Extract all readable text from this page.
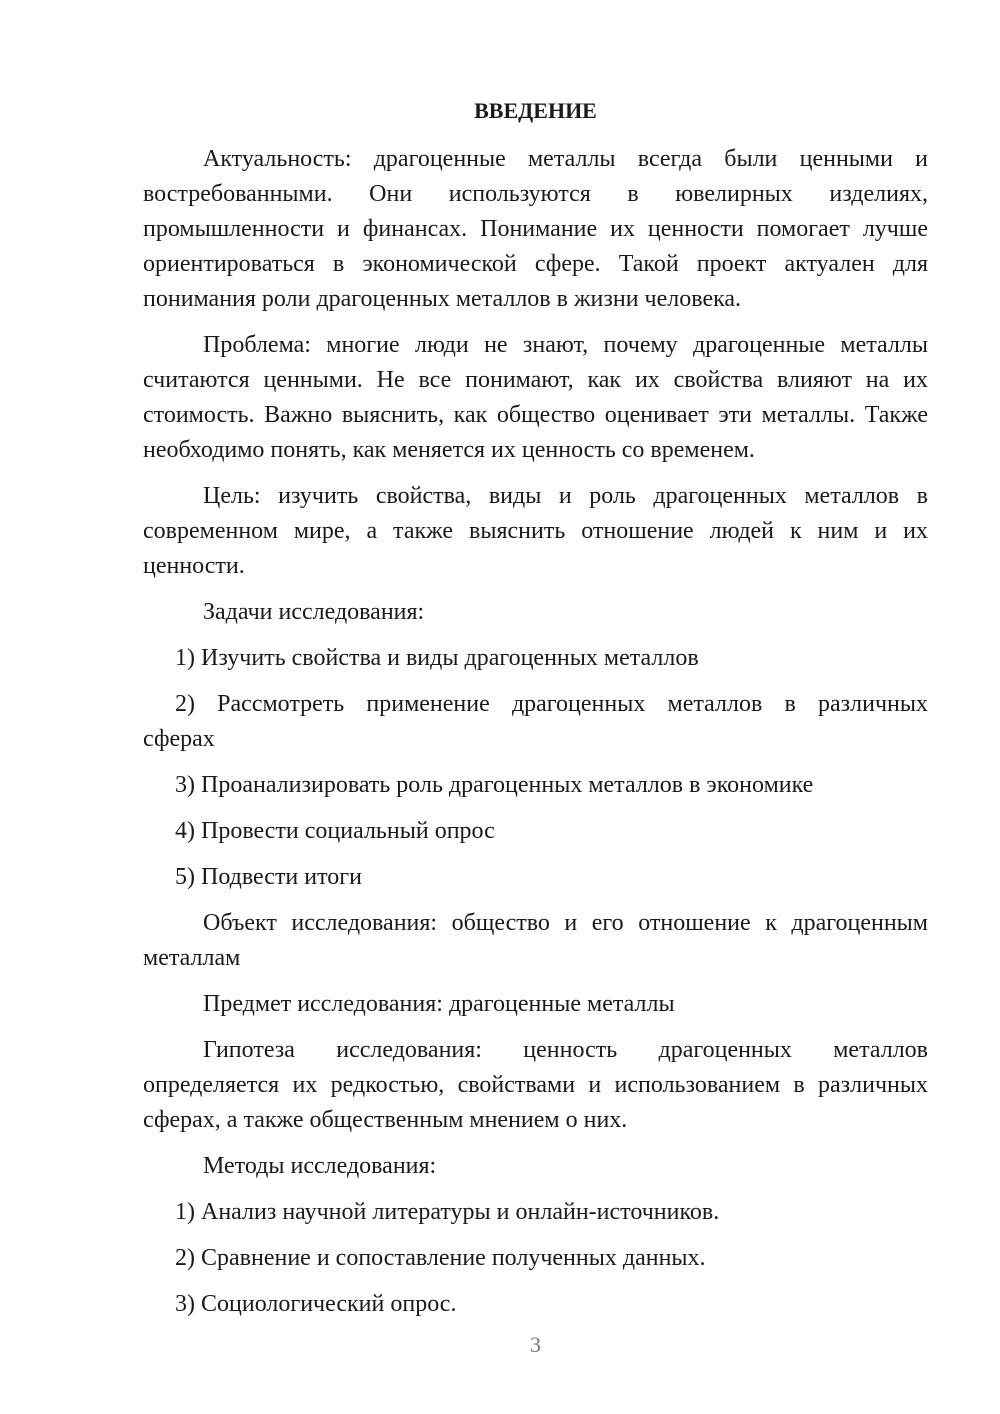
ВВЕДЕНИЕ

Актуальность: драгоценные металлы всегда были ценными и
востребованными. Они используются в ювелирных изделиях,
промышленности и финансах. Понимание их ценности помогает лучше
ориентироваться в экономической сфере. Такой проект актуален для
понимания роли драгоценных металлов в жизни человека.

Проблема: многие люди не знают, почему драгоценные металлы
считаются ценными. Не все понимают, как их свойства влияют на их
стоимость. Важно выяснить, как общество оценивает эти металлы. Также
необходимо понять, как меняется их ценность со временем.

Цель: изучить свойства, виды и роль драгоценных металлов в
современном мире, а также выяснить отношение людей к ним и их
ценности.

Задачи исследования:

1) Изучить свойства и виды драгоценных металлов

2) Рассмотреть применение драгоценных металлов в различных
сферах

3) Проанализировать роль драгоценных металлов в экономике

4) Провести социальный опрос

5) Подвести итоги

Объект исследования: общество и его отношение к драгоценным
металлам

Предмет исследования: драгоценные металлы

Гипотеза исследования: ценность драгоценных металлов
определяется их редкостью, свойствами и использованием в различных
сферах, а также общественным мнением о них.

Методы исследования:

1) Анализ научной литературы и онлайн-источников.

2) Сравнение и сопоставление полученных данных.

3) Социологический опрос.

3
